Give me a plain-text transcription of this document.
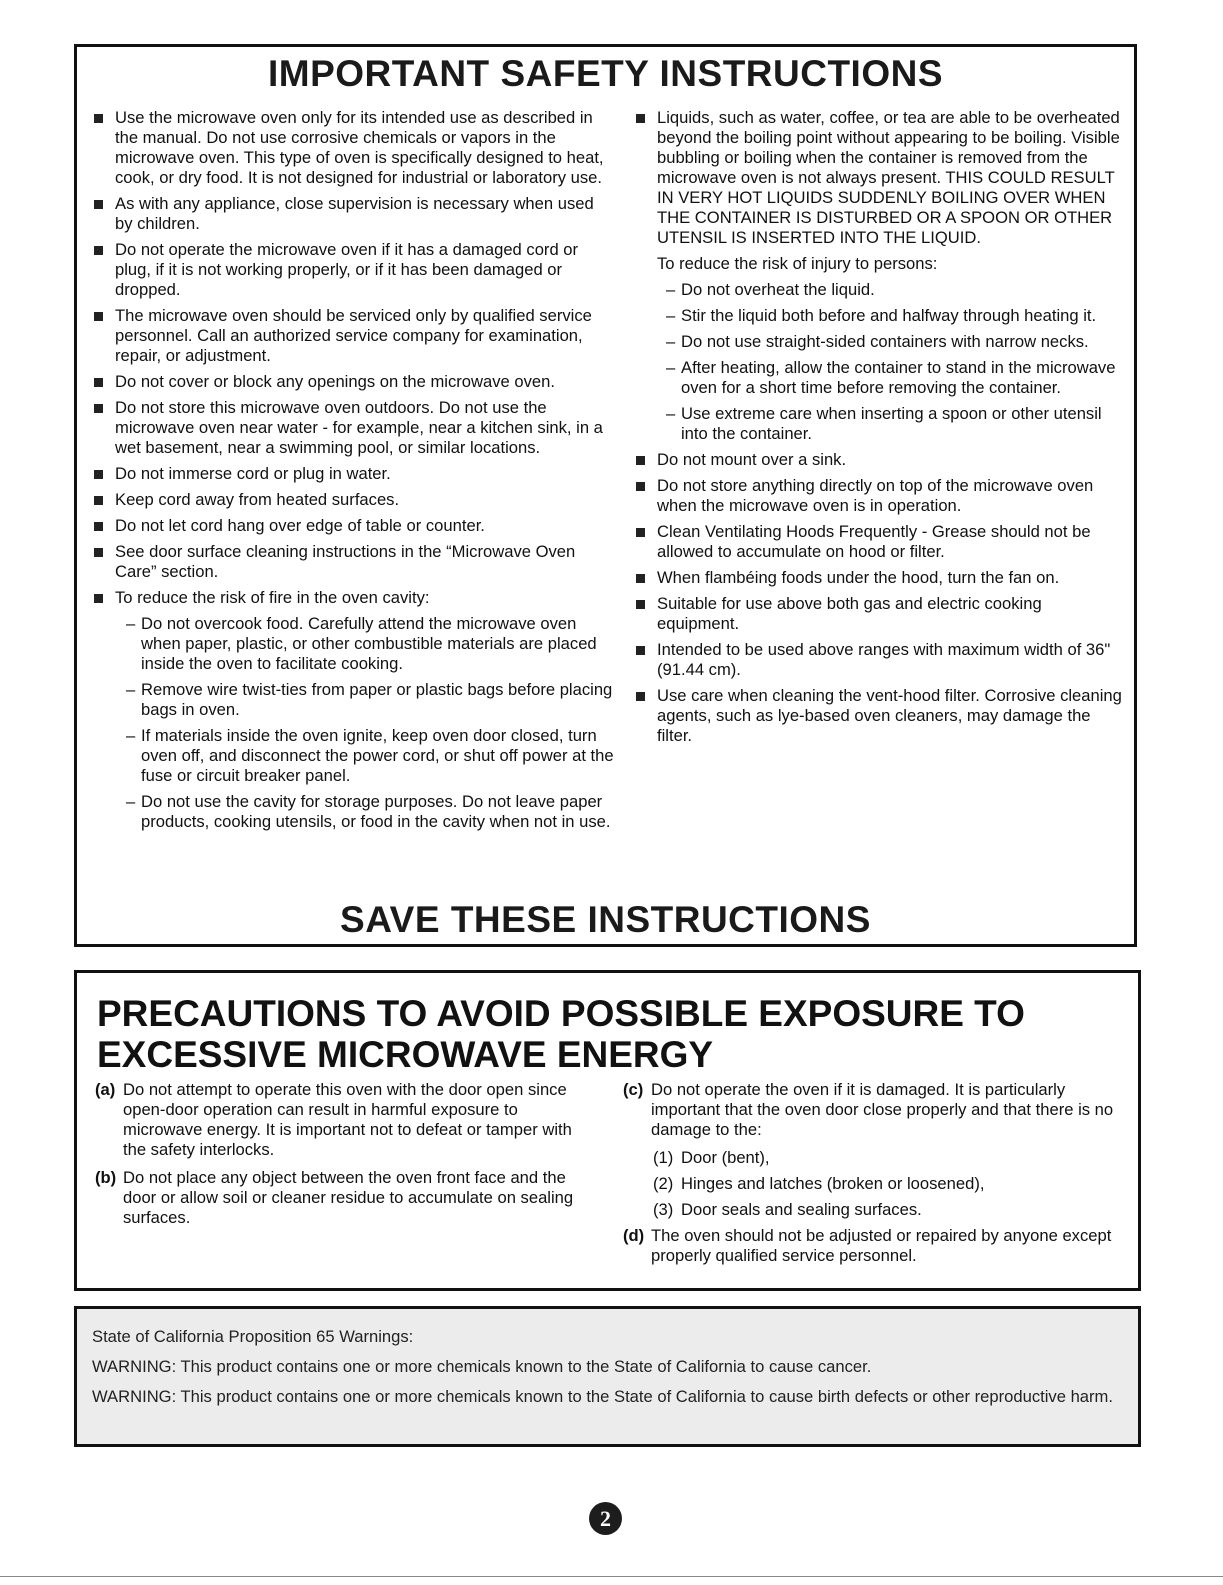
IMPORTANT SAFETY INSTRUCTIONS
Use the microwave oven only for its intended use as described in the manual. Do not use corrosive chemicals or vapors in the microwave oven. This type of oven is specifically designed to heat, cook, or dry food. It is not designed for industrial or laboratory use.
As with any appliance, close supervision is necessary when used by children.
Do not operate the microwave oven if it has a damaged cord or plug, if it is not working properly, or if it has been damaged or dropped.
The microwave oven should be serviced only by qualified service personnel. Call an authorized service company for examination, repair, or adjustment.
Do not cover or block any openings on the microwave oven.
Do not store this microwave oven outdoors. Do not use the microwave oven near water - for example, near a kitchen sink, in a wet basement, near a swimming pool, or similar locations.
Do not immerse cord or plug in water.
Keep cord away from heated surfaces.
Do not let cord hang over edge of table or counter.
See door surface cleaning instructions in the “Microwave Oven Care” section.
To reduce the risk of fire in the oven cavity:
– Do not overcook food. Carefully attend the microwave oven when paper, plastic, or other combustible materials are placed inside the oven to facilitate cooking.
– Remove wire twist-ties from paper or plastic bags before placing bags in oven.
– If materials inside the oven ignite, keep oven door closed, turn oven off, and disconnect the power cord, or shut off power at the fuse or circuit breaker panel.
– Do not use the cavity for storage purposes. Do not leave paper products, cooking utensils, or food in the cavity when not in use.
Liquids, such as water, coffee, or tea are able to be overheated beyond the boiling point without appearing to be boiling. Visible bubbling or boiling when the container is removed from the microwave oven is not always present. THIS COULD RESULT IN VERY HOT LIQUIDS SUDDENLY BOILING OVER WHEN THE CONTAINER IS DISTURBED OR A SPOON OR OTHER UTENSIL IS INSERTED INTO THE LIQUID.
To reduce the risk of injury to persons:
– Do not overheat the liquid.
– Stir the liquid both before and halfway through heating it.
– Do not use straight-sided containers with narrow necks.
– After heating, allow the container to stand in the microwave oven for a short time before removing the container.
– Use extreme care when inserting a spoon or other utensil into the container.
Do not mount over a sink.
Do not store anything directly on top of the microwave oven when the microwave oven is in operation.
Clean Ventilating Hoods Frequently - Grease should not be allowed to accumulate on hood or filter.
When flambéing foods under the hood, turn the fan on.
Suitable for use above both gas and electric cooking equipment.
Intended to be used above ranges with maximum width of 36" (91.44 cm).
Use care when cleaning the vent-hood filter. Corrosive cleaning agents, such as lye-based oven cleaners, may damage the filter.
SAVE THESE INSTRUCTIONS
PRECAUTIONS TO AVOID POSSIBLE EXPOSURE TO EXCESSIVE MICROWAVE ENERGY
(a) Do not attempt to operate this oven with the door open since open-door operation can result in harmful exposure to microwave energy. It is important not to defeat or tamper with the safety interlocks.
(b) Do not place any object between the oven front face and the door or allow soil or cleaner residue to accumulate on sealing surfaces.
(c) Do not operate the oven if it is damaged. It is particularly important that the oven door close properly and that there is no damage to the:
(1) Door (bent),
(2) Hinges and latches (broken or loosened),
(3) Door seals and sealing surfaces.
(d) The oven should not be adjusted or repaired by anyone except properly qualified service personnel.

State of California Proposition 65 Warnings:

WARNING: This product contains one or more chemicals known to the State of California to cause cancer.

WARNING: This product contains one or more chemicals known to the State of California to cause birth defects or other reproductive harm.

2
